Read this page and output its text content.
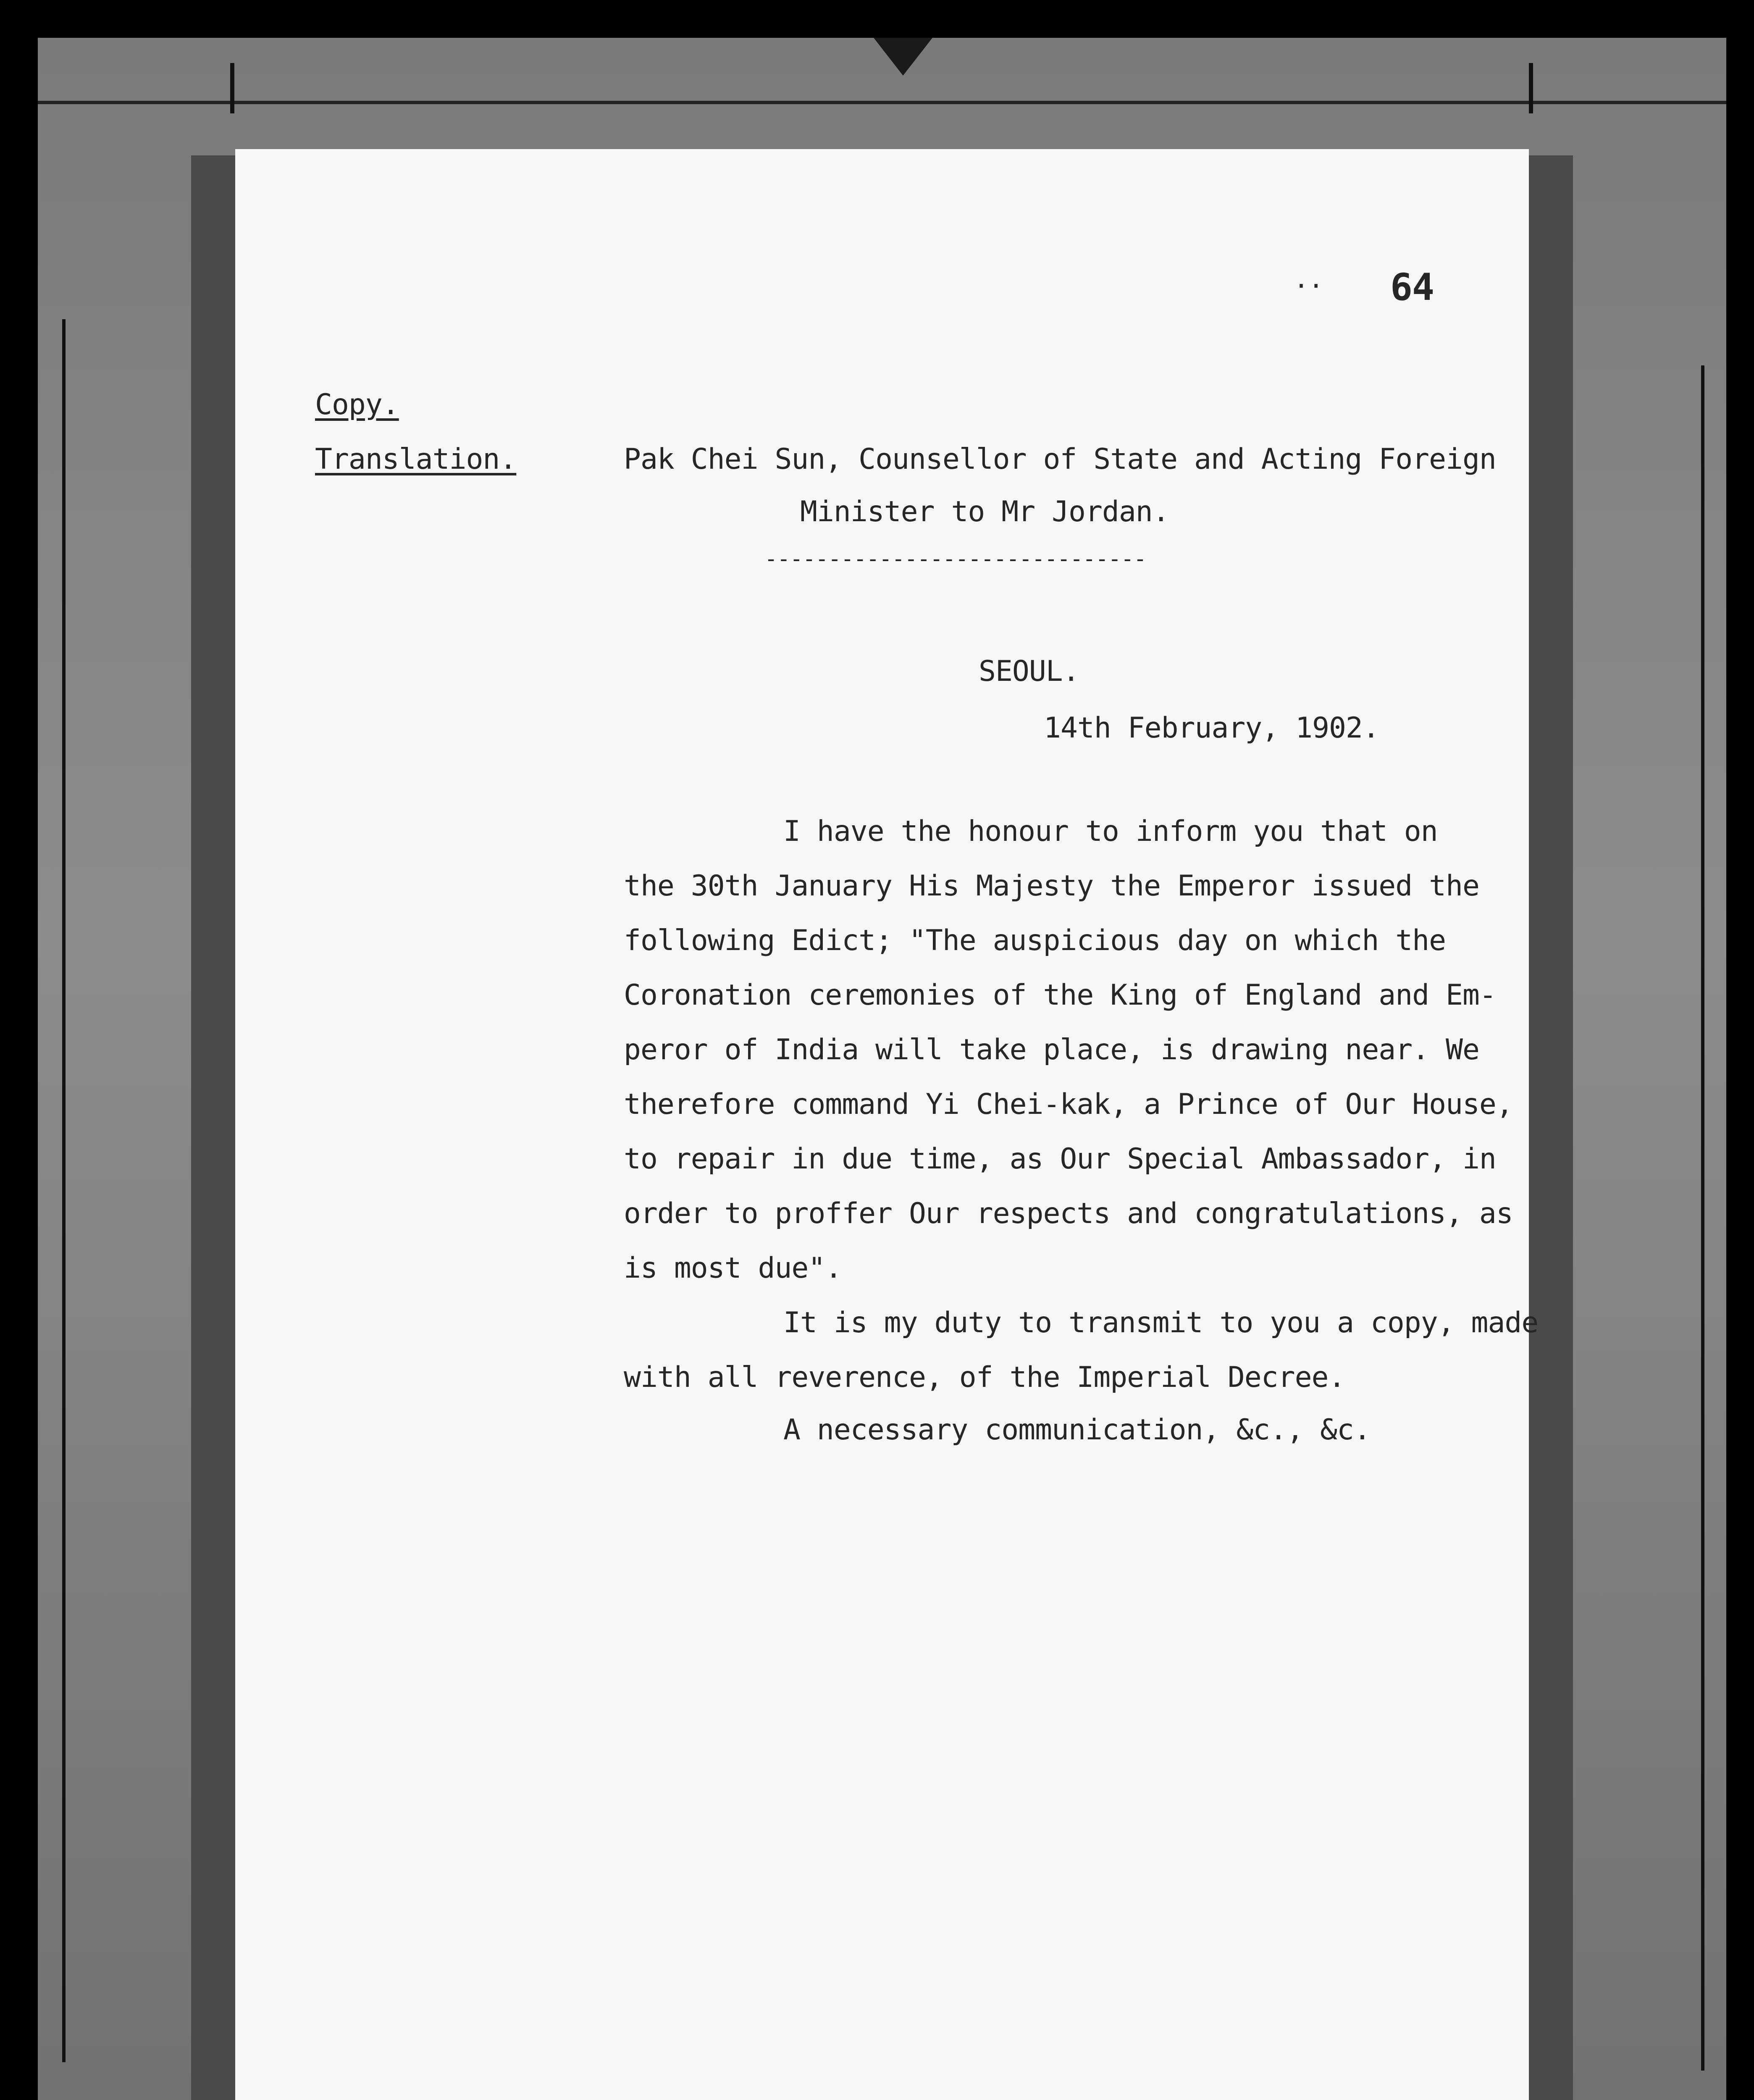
.. 64
Copy.
Translation.	Pak Chei Sun, Counsellor of State and Acting Foreign
Minister to Mr Jordan.
------------------------------
SEOUL.
14th February, 1902.
I have the honour to inform you that on
the 30th January His Majesty the Emperor issued the
following Edict; "The auspicious day on which the
Coronation ceremonies of the King of England and Em-
peror of India will take place, is drawing near. We
therefore command Yi Chei-kak, a Prince of Our House,
to repair in due time, as Our Special Ambassador, in
order to proffer Our respects and congratulations, as
is most due".
It is my duty to transmit to you a copy, made
with all reverence, of the Imperial Decree.
A necessary communication, &c., &c.
